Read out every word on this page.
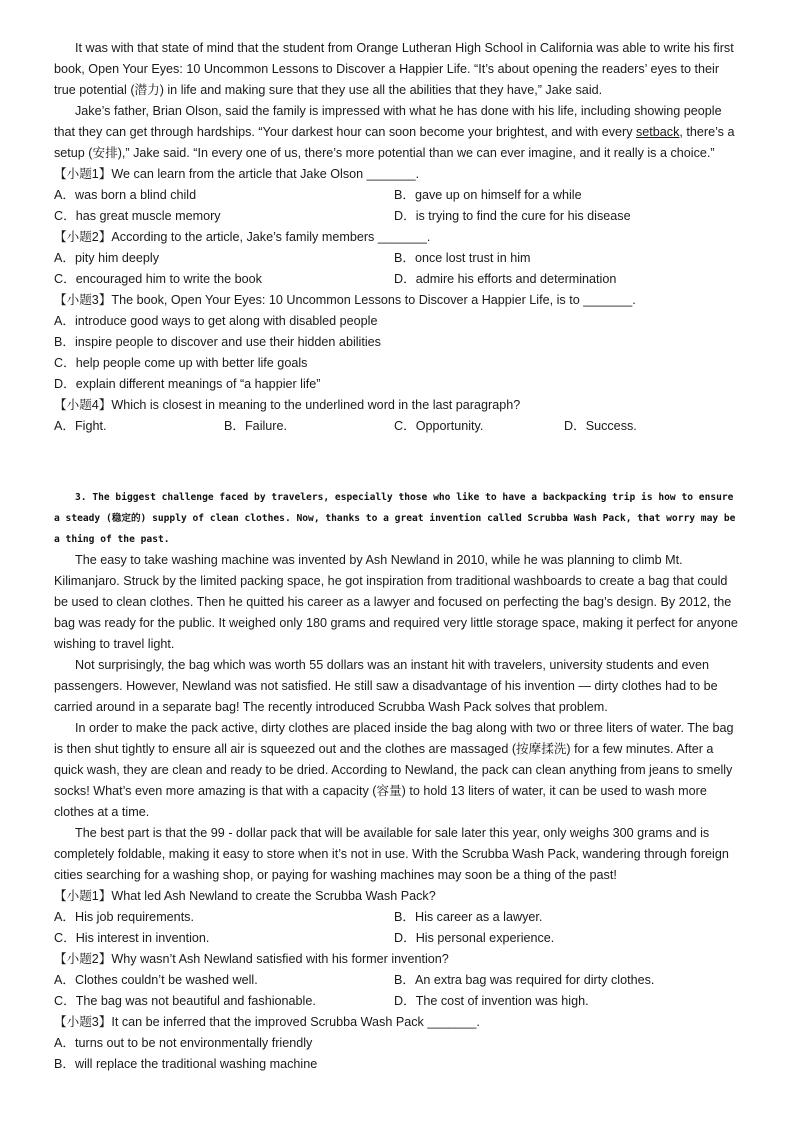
It was with that state of mind that the student from Orange Lutheran High School in California was able to write his first book, Open Your Eyes: 10 Uncommon Lessons to Discover a Happier Life. “It’s about opening the readers’ eyes to their true potential (潜力) in life and making sure that they use all the abilities that they have,” Jake said.

Jake’s father, Brian Olson, said the family is impressed with what he has done with his life, including showing people that they can get through hardships. “Your darkest hour can soon become your brightest, and with every setback, there’s a setup (安排),” Jake said. “In every one of us, there’s more potential than we can ever imagine, and it really is a choice.”

【小题1】We can learn from the article that Jake Olson _______.

A．was born a blind child	B．gave up on himself for a while
C．has great muscle memory	D．is trying to find the cure for his disease

【小题2】According to the article, Jake’s family members _______.

A．pity him deeply	B．once lost trust in him
C．encouraged him to write the book	D．admire his efforts and determination

【小题3】The book, Open Your Eyes: 10 Uncommon Lessons to Discover a Happier Life, is to _______.

A．introduce good ways to get along with disabled people

B．inspire people to discover and use their hidden abilities

C．help people come up with better life goals

D．explain different meanings of “a happier life”

【小题4】Which is closest in meaning to the underlined word in the last paragraph?

A．Fight.	B．Failure.	C．Opportunity.	D．Success.

3. The biggest challenge faced by travelers, especially those who like to have a backpacking trip is how to ensure a steady (稳定的) supply of clean clothes. Now, thanks to a great invention called Scrubba Wash Pack, that worry may be a thing of the past.

The easy to take washing machine was invented by Ash Newland in 2010, while he was planning to climb Mt. Kilimanjaro. Struck by the limited packing space, he got inspiration from traditional washboards to create a bag that could be used to clean clothes. Then he quitted his career as a lawyer and focused on perfecting the bag’s design. By 2012, the bag was ready for the public. It weighed only 180 grams and required very little storage space, making it perfect for anyone wishing to travel light.

Not surprisingly, the bag which was worth 55 dollars was an instant hit with travelers, university students and even passengers. However, Newland was not satisfied. He still saw a disadvantage of his invention — dirty clothes had to be carried around in a separate bag! The recently introduced Scrubba Wash Pack solves that problem.

In order to make the pack active, dirty clothes are placed inside the bag along with two or three liters of water. The bag is then shut tightly to ensure all air is squeezed out and the clothes are massaged (按摩揉洗) for a few minutes. After a quick wash, they are clean and ready to be dried. According to Newland, the pack can clean anything from jeans to smelly socks! What’s even more amazing is that with a capacity (容量) to hold 13 liters of water, it can be used to wash more clothes at a time.

The best part is that the 99 - dollar pack that will be available for sale later this year, only weighs 300 grams and is completely foldable, making it easy to store when it’s not in use. With the Scrubba Wash Pack, wandering through foreign cities searching for a washing shop, or paying for washing machines may soon be a thing of the past!

【小题1】What led Ash Newland to create the Scrubba Wash Pack?

A．His job requirements.	B．His career as a lawyer.
C．His interest in invention.	D．His personal experience.

【小题2】Why wasn’t Ash Newland satisfied with his former invention?

A．Clothes couldn’t be washed well.	B．An extra bag was required for dirty clothes.
C．The bag was not beautiful and fashionable.	D．The cost of invention was high.

【小题3】It can be inferred that the improved Scrubba Wash Pack _______.

A．turns out to be not environmentally friendly

B．will replace the traditional washing machine
